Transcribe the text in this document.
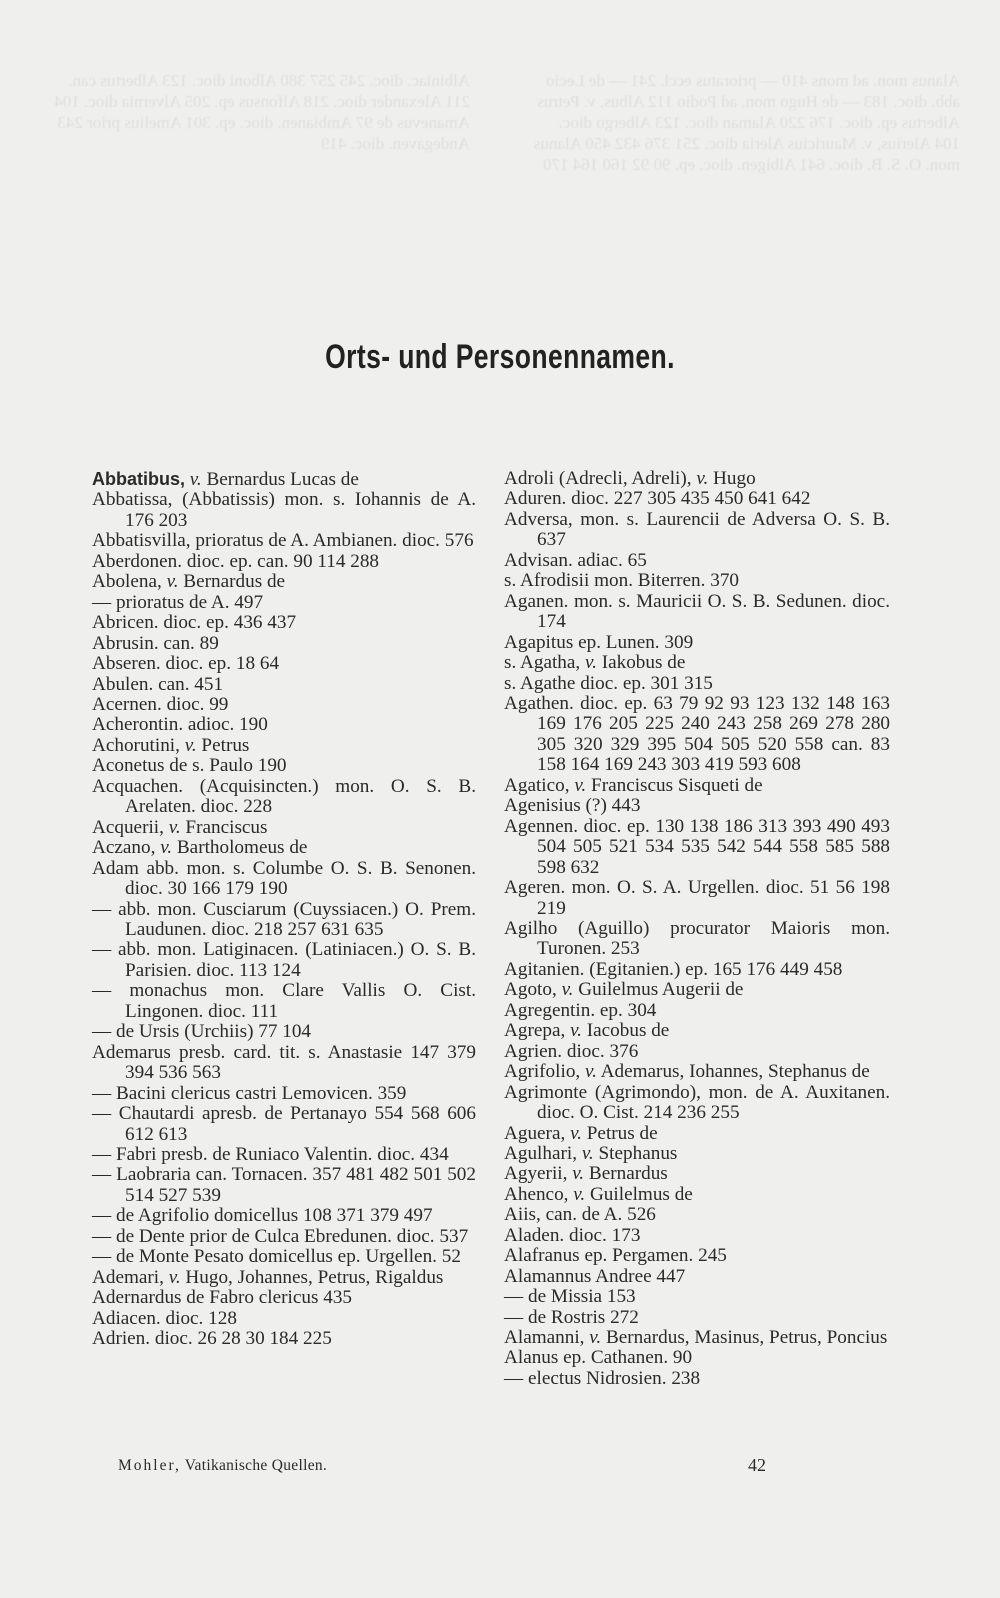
Alanus mon. ad mons 410 — prioratus eccl. 241 — de Lecio abb. dioc. 183 — de Hugo mon. ad Podio 112 Albus, v. Petrus Albertus ep. dioc. 176 220 Alaman dioc. 123 Albergo dioc. 104 Alerius, v. Mauricius Aleria dioc. 251 376 432 450 Alanus mon. O. S. B. dioc. 641 Albigen. dioc. ep. 90 92 160 164 170 Albiniac. dioc. 245 257 380 Alboni dioc. 123 Albertus can. 211 Alexander dioc. 218 Alfonsus ep. 205 Alvernia dioc. 104 Amanevus de 97 Ambianen. dioc. ep. 301 Amelius prior 243 Andegaven. dioc. 419
Orts- und Personennamen.
Abbatibus, v. Bernardus Lucas de
Abbatissa, (Abbatissis) mon. s. Iohannis de A. 176 203
Abbatisvilla, prioratus de A. Ambianen. dioc. 576
Aberdonen. dioc. ep. can. 90 114 288
Abolena, v. Bernardus de
— prioratus de A. 497
Abricen. dioc. ep. 436 437
Abrusin. can. 89
Abseren. dioc. ep. 18 64
Abulen. can. 451
Acernen. dioc. 99
Acherontin. adioc. 190
Achorutini, v. Petrus
Aconetus de s. Paulo 190
Acquachen. (Acquisincten.) mon. O. S. B. Arelaten. dioc. 228
Acquerii, v. Franciscus
Aczano, v. Bartholomeus de
Adam abb. mon. s. Columbe O. S. B. Senonen. dioc. 30 166 179 190
— abb. mon. Cusciarum (Cuyssiacen.) O. Prem. Laudunen. dioc. 218 257 631 635
— abb. mon. Latiginacen. (Latiniacen.) O. S. B. Parisien. dioc. 113 124
— monachus mon. Clare Vallis O. Cist. Lingonen. dioc. 111
— de Ursis (Urchiis) 77 104
Ademarus presb. card. tit. s. Anastasie 147 379 394 536 563
— Bacini clericus castri Lemovicen. 359
— Chautardi apresb. de Pertanayo 554 568 606 612 613
— Fabri presb. de Runiaco Valentin. dioc. 434
— Laobraria can. Tornacen. 357 481 482 501 502 514 527 539
— de Agrifolio domicellus 108 371 379 497
— de Dente prior de Culca Ebredunen. dioc. 537
— de Monte Pesato domicellus ep. Urgellen. 52
Ademari, v. Hugo, Johannes, Petrus, Rigaldus
Adernardus de Fabro clericus 435
Adiacen. dioc. 128
Adrien. dioc. 26 28 30 184 225
Adroli (Adrecli, Adreli), v. Hugo
Aduren. dioc. 227 305 435 450 641 642
Adversa, mon. s. Laurencii de Adversa O. S. B. 637
Advisan. adiac. 65
s. Afrodisii mon. Biterren. 370
Aganen. mon. s. Mauricii O. S. B. Sedunen. dioc. 174
Agapitus ep. Lunen. 309
s. Agatha, v. Iakobus de
s. Agathe dioc. ep. 301 315
Agathen. dioc. ep. 63 79 92 93 123 132 148 163 169 176 205 225 240 243 258 269 278 280 305 320 329 395 504 505 520 558 can. 83 158 164 169 243 303 419 593 608
Agatico, v. Franciscus Sisqueti de
Agenisius (?) 443
Agennen. dioc. ep. 130 138 186 313 393 490 493 504 505 521 534 535 542 544 558 585 588 598 632
Ageren. mon. O. S. A. Urgellen. dioc. 51 56 198 219
Agilho (Aguillo) procurator Maioris mon. Turonen. 253
Agitanien. (Egitanien.) ep. 165 176 449 458
Agoto, v. Guilelmus Augerii de
Agregentin. ep. 304
Agrepa, v. Iacobus de
Agrien. dioc. 376
Agrifolio, v. Ademarus, Iohannes, Stephanus de
Agrimonte (Agrimondo), mon. de A. Auxitanen. dioc. O. Cist. 214 236 255
Aguera, v. Petrus de
Agulhari, v. Stephanus
Agyerii, v. Bernardus
Ahenco, v. Guilelmus de
Aiis, can. de A. 526
Aladen. dioc. 173
Alafranus ep. Pergamen. 245
Alamannus Andree 447
— de Missia 153
— de Rostris 272
Alamanni, v. Bernardus, Masinus, Petrus, Poncius
Alanus ep. Cathanen. 90
— electus Nidrosien. 238
Mohler, Vatikanische Quellen.	42
